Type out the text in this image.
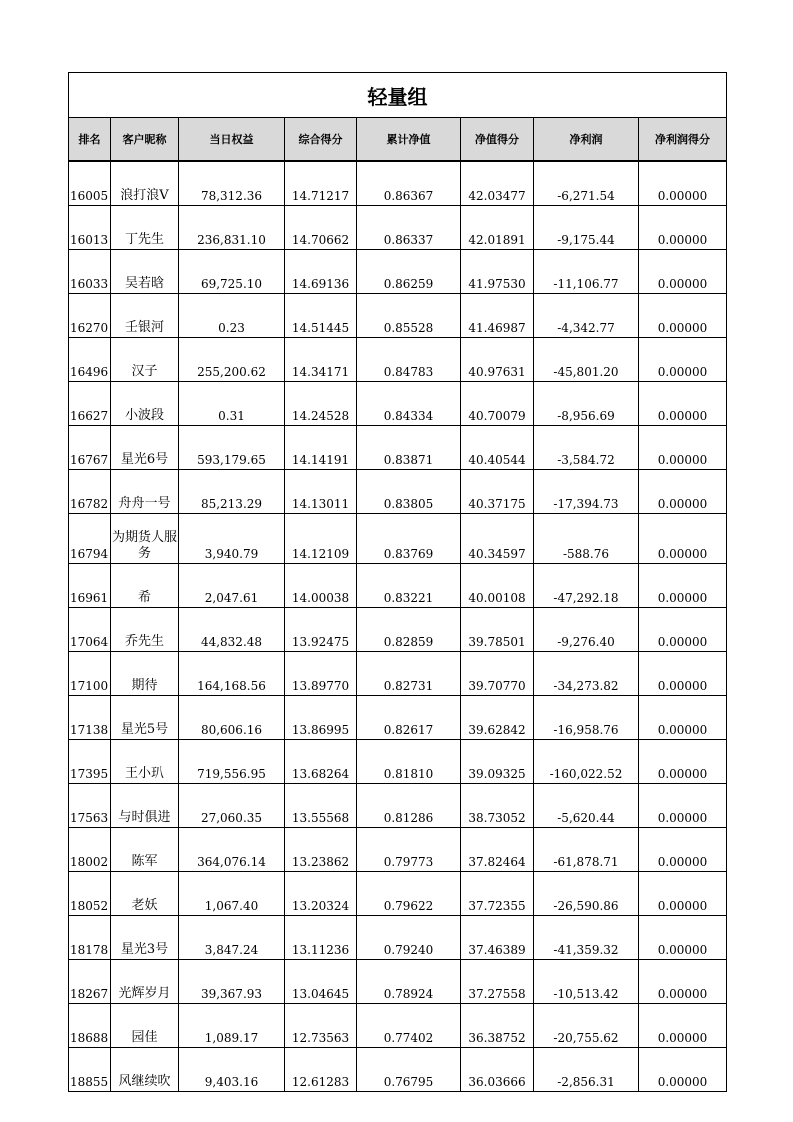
轻量组							
排名	客户昵称	当日权益	综合得分	累计净值	净值得分	净利润	净利润得分
16005	浪打浪V	78,312.36	14.71217	0.86367	42.03477	-6,271.54	0.00000
16013	丁先生	236,831.10	14.70662	0.86337	42.01891	-9,175.44	0.00000
16033	吴若晗	69,725.10	14.69136	0.86259	41.97530	-11,106.77	0.00000
16270	壬银河	0.23	14.51445	0.85528	41.46987	-4,342.77	0.00000
16496	汉子	255,200.62	14.34171	0.84783	40.97631	-45,801.20	0.00000
16627	小波段	0.31	14.24528	0.84334	40.70079	-8,956.69	0.00000
16767	星光6号	593,179.65	14.14191	0.83871	40.40544	-3,584.72	0.00000
16782	舟舟一号	85,213.29	14.13011	0.83805	40.37175	-17,394.73	0.00000
16794	为期货人服务	3,940.79	14.12109	0.83769	40.34597	-588.76	0.00000
16961	希	2,047.61	14.00038	0.83221	40.00108	-47,292.18	0.00000
17064	乔先生	44,832.48	13.92475	0.82859	39.78501	-9,276.40	0.00000
17100	期待	164,168.56	13.89770	0.82731	39.70770	-34,273.82	0.00000
17138	星光5号	80,606.16	13.86995	0.82617	39.62842	-16,958.76	0.00000
17395	王小玐	719,556.95	13.68264	0.81810	39.09325	-160,022.52	0.00000
17563	与时俱进	27,060.35	13.55568	0.81286	38.73052	-5,620.44	0.00000
18002	陈军	364,076.14	13.23862	0.79773	37.82464	-61,878.71	0.00000
18052	老妖	1,067.40	13.20324	0.79622	37.72355	-26,590.86	0.00000
18178	星光3号	3,847.24	13.11236	0.79240	37.46389	-41,359.32	0.00000
18267	光辉岁月	39,367.93	13.04645	0.78924	37.27558	-10,513.42	0.00000
18688	园佳	1,089.17	12.73563	0.77402	36.38752	-20,755.62	0.00000
18855	风继续吹	9,403.16	12.61283	0.76795	36.03666	-2,856.31	0.00000
